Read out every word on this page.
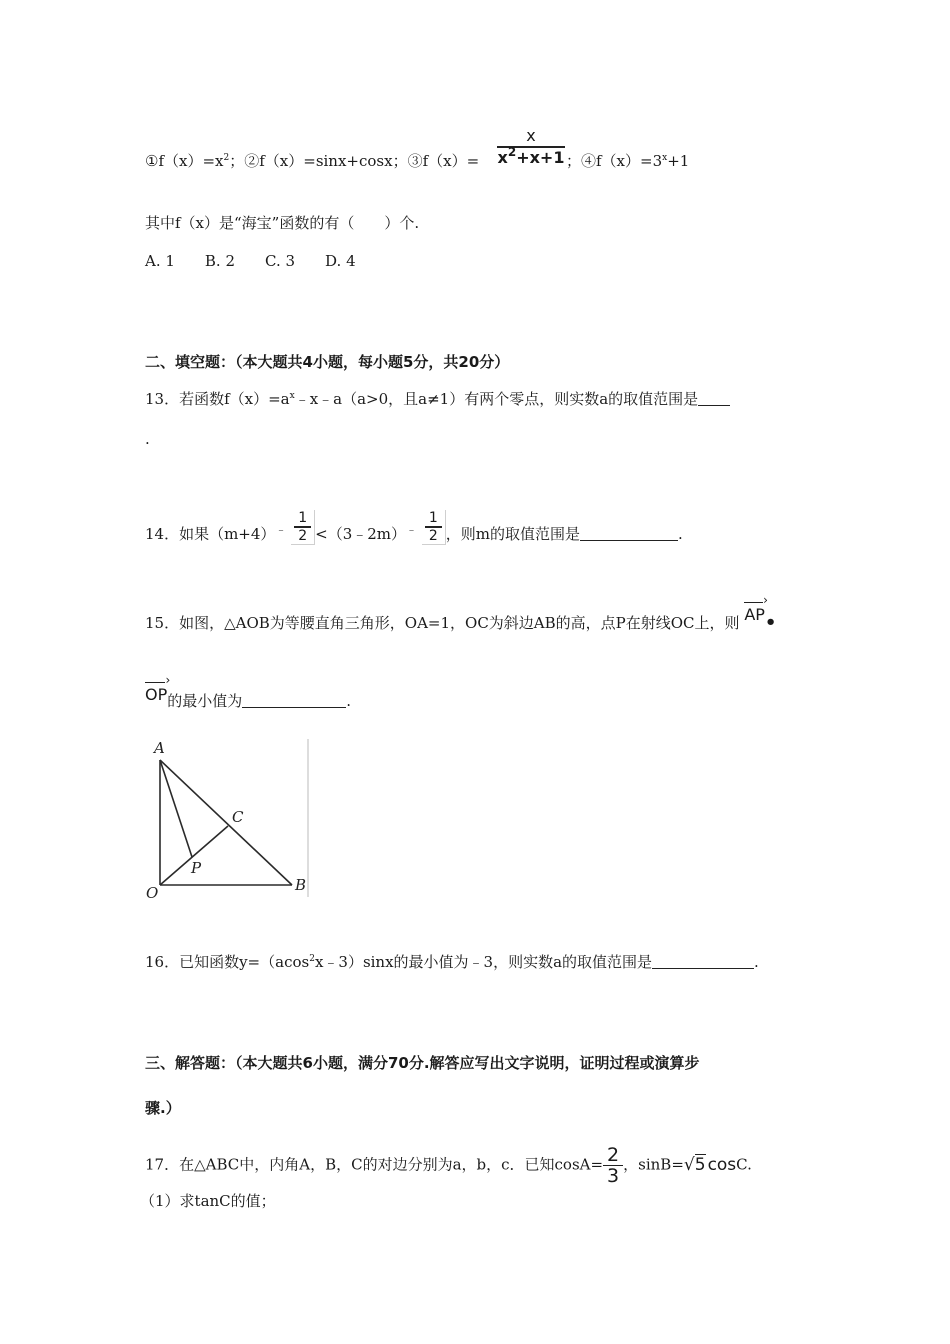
$①f(x)=x^2$；②f（x）=sinx+cosx；③f（x）=
x
$x^2+x+1$ ；$④f(x)=3^x+1$
其中f（x）是“海宝”函数的有（　　）个.
A. 1　　B. 2　　C. 3　　D. 4
二、填空题：（本大题共4小题，每小题5分，共20分）
13．若函数$f(x)=a^x﹣x﹣a(a>0$，且a≠1）有两个零点，则实数a的取值范围是
.
14．如果$(m+4)^﹣ \frac{1}{2}$ <（3﹣2m）﹣ $\frac{1}{2}$ ，则m的取值范围是	.
15．如图，△AOB为等腰直角三角形，OA=1，OC为斜边AB的高，点P在射线OC上，则 AP ›•
OP ›的最小值为	.
A
O	B
C
P
16．已知函数y=（acos$^2$x﹣3）sinx的最小值为﹣3，则实数a的取值范围是	.
三、解答题：（本大题共6小题，满分70分.解答应写出文字说明，证明过程或演算步
骤.）
17．在△ABC中，内角A，B，C的对边分别为a，b，c．已知$\cos A= \frac{2}{3}$ ，sinB=√5 cosC.
（1）求tanC的值；
